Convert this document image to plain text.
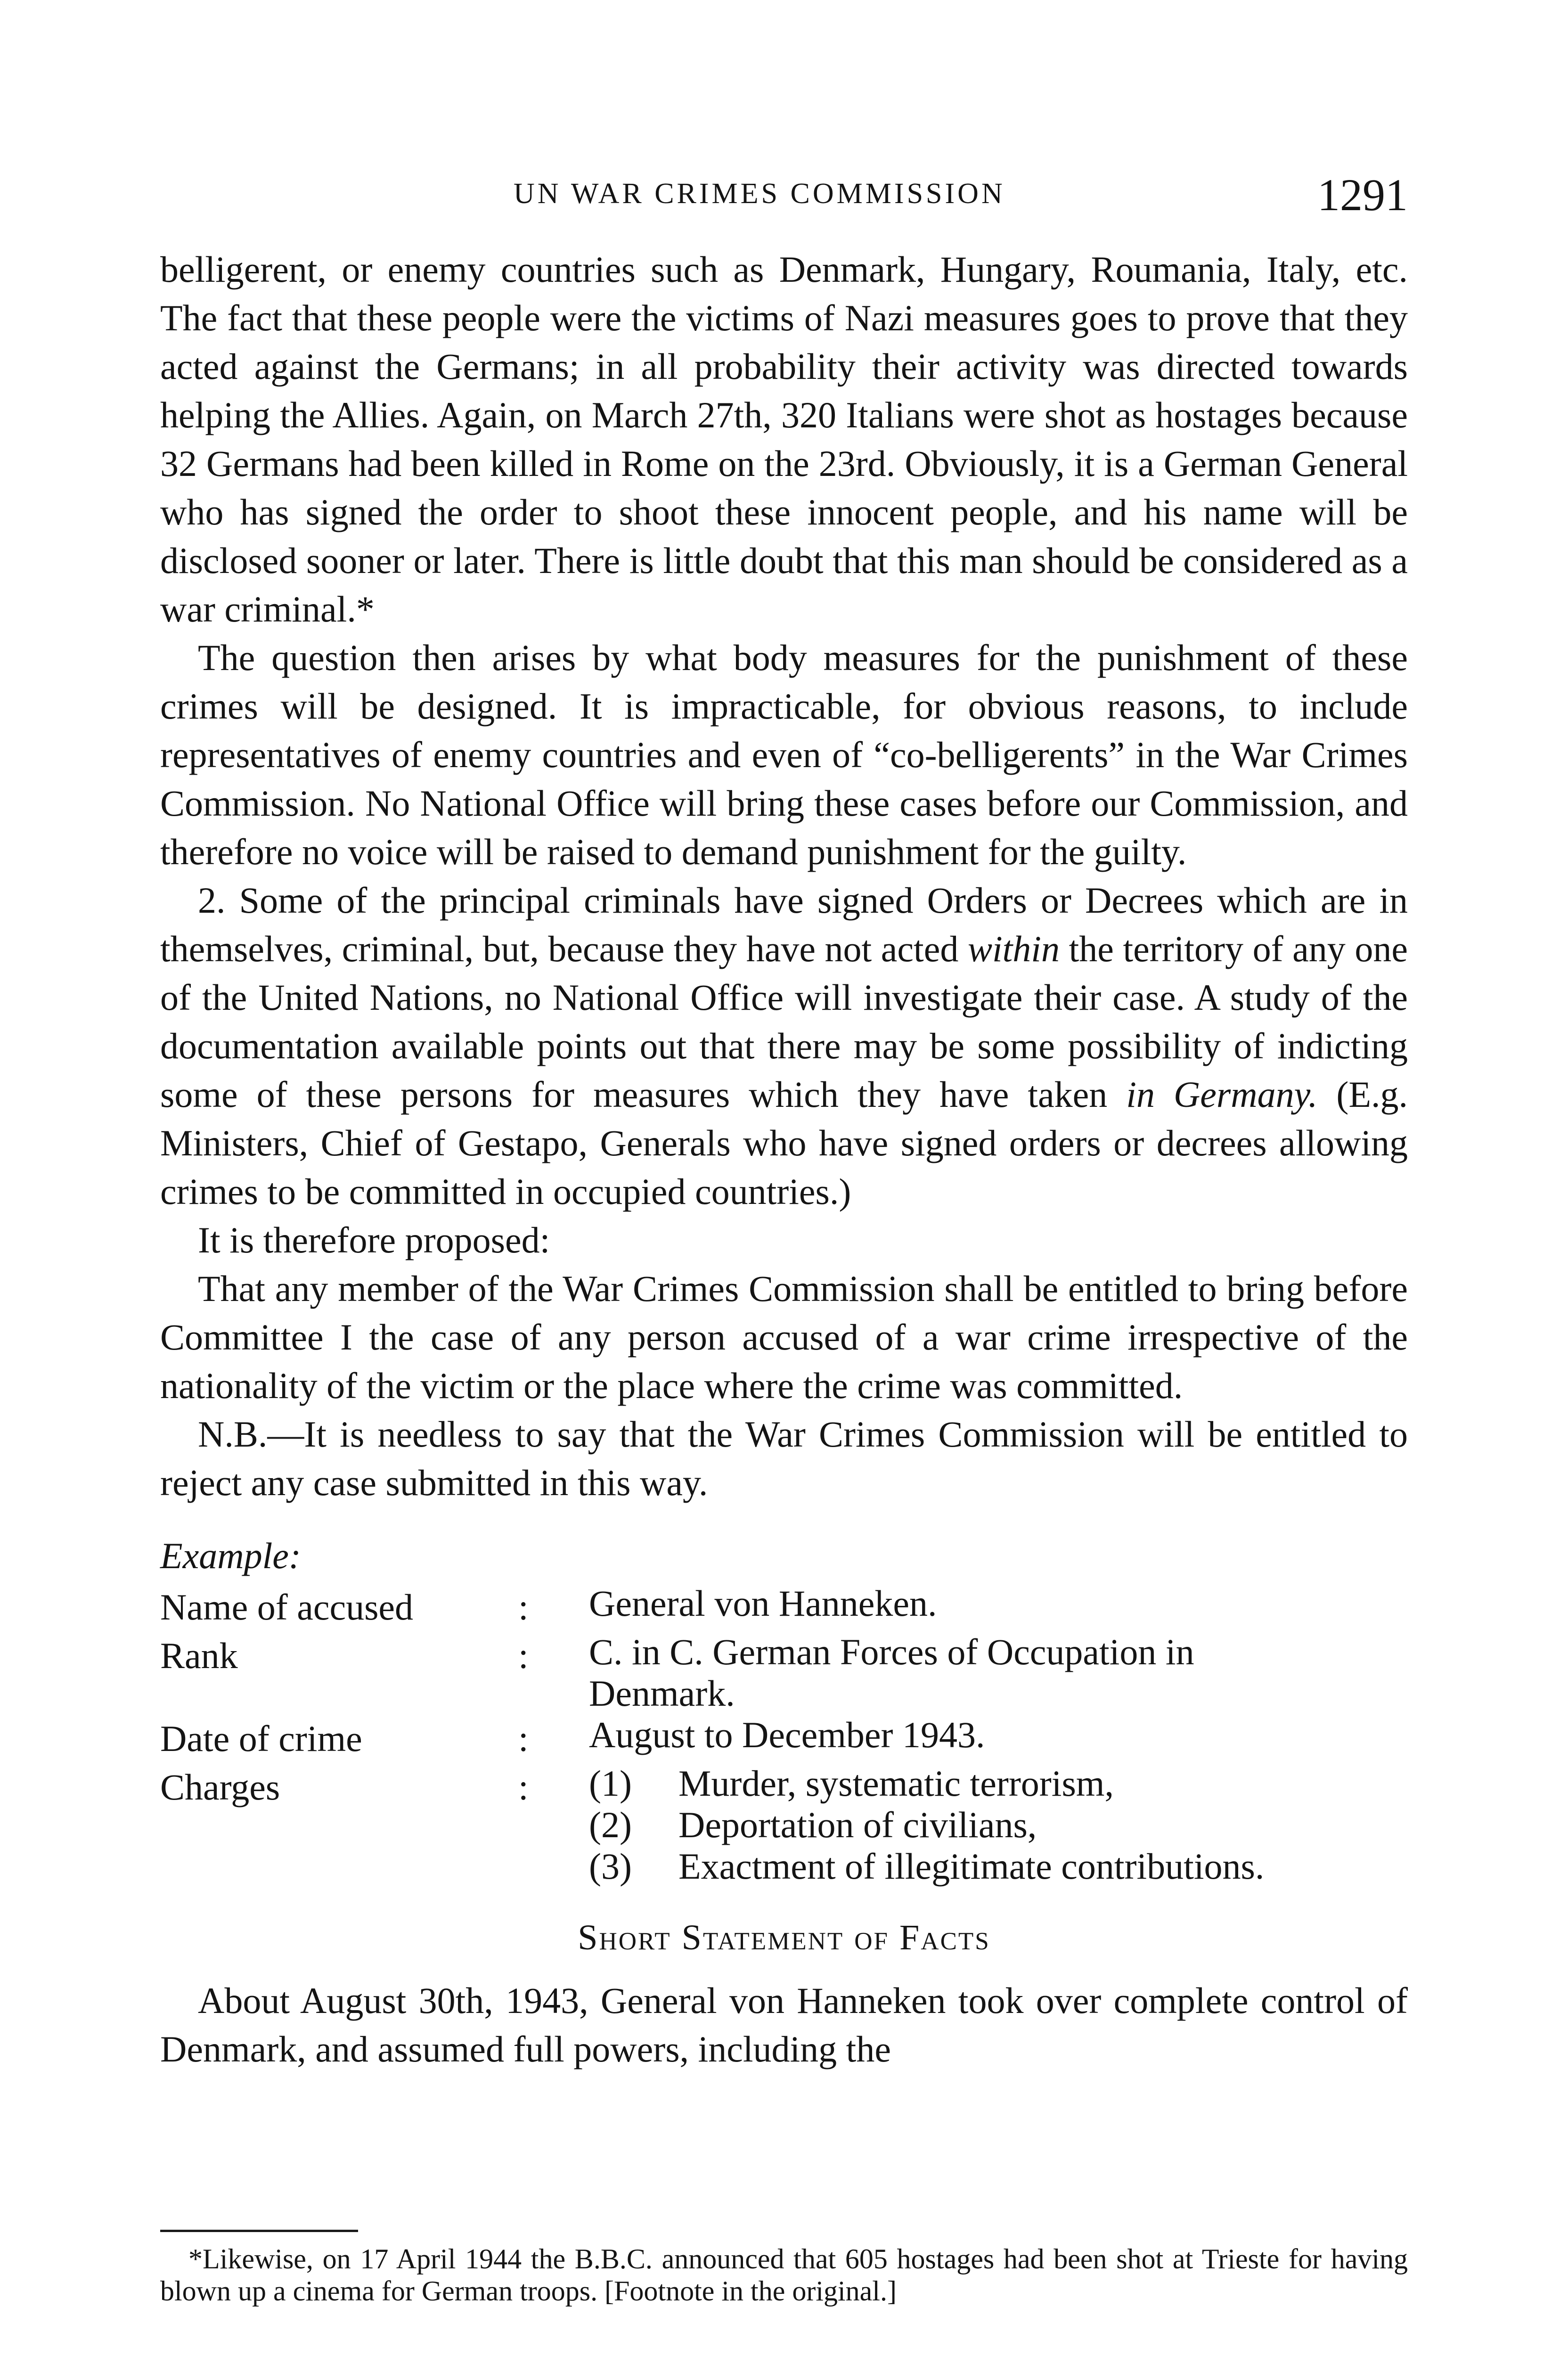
UN WAR CRIMES COMMISSION	1291

belligerent, or enemy countries such as Denmark, Hungary, Roumania, Italy, etc. The fact that these people were the victims of Nazi measures goes to prove that they acted against the Germans; in all probability their activity was directed towards helping the Allies. Again, on March 27th, 320 Italians were shot as hostages because 32 Germans had been killed in Rome on the 23rd. Obviously, it is a German General who has signed the order to shoot these innocent people, and his name will be disclosed sooner or later. There is little doubt that this man should be considered as a war criminal.*

The question then arises by what body measures for the punishment of these crimes will be designed. It is impracticable, for obvious reasons, to include representatives of enemy countries and even of “co-belligerents” in the War Crimes Commission. No National Office will bring these cases before our Commission, and therefore no voice will be raised to demand punishment for the guilty.

2. Some of the principal criminals have signed Orders or Decrees which are in themselves, criminal, but, because they have not acted within the territory of any one of the United Nations, no National Office will investigate their case. A study of the documentation available points out that there may be some possibility of indicting some of these persons for measures which they have taken in Germany. (E.g. Ministers, Chief of Gestapo, Generals who have signed orders or decrees allowing crimes to be committed in occupied countries.)

It is therefore proposed:

That any member of the War Crimes Commission shall be entitled to bring before Committee I the case of any person accused of a war crime irrespective of the nationality of the victim or the place where the crime was committed.

N.B.—It is needless to say that the War Crimes Commission will be entitled to reject any case submitted in this way.

Example:

Name of accused	:	General von Hanneken.
Rank	:	C. in C. German Forces of Occupation in
Denmark.
Date of crime	:	August to December 1943.
Charges	:	(1)	Murder, systematic terrorism,
(2)	Deportation of civilians,
(3)	Exactment of illegitimate contributions.

Short Statement of Facts

About August 30th, 1943, General von Hanneken took over complete control of Denmark, and assumed full powers, including the

*Likewise, on 17 April 1944 the B.B.C. announced that 605 hostages had been shot at Trieste for having blown up a cinema for German troops. [Footnote in the original.]
